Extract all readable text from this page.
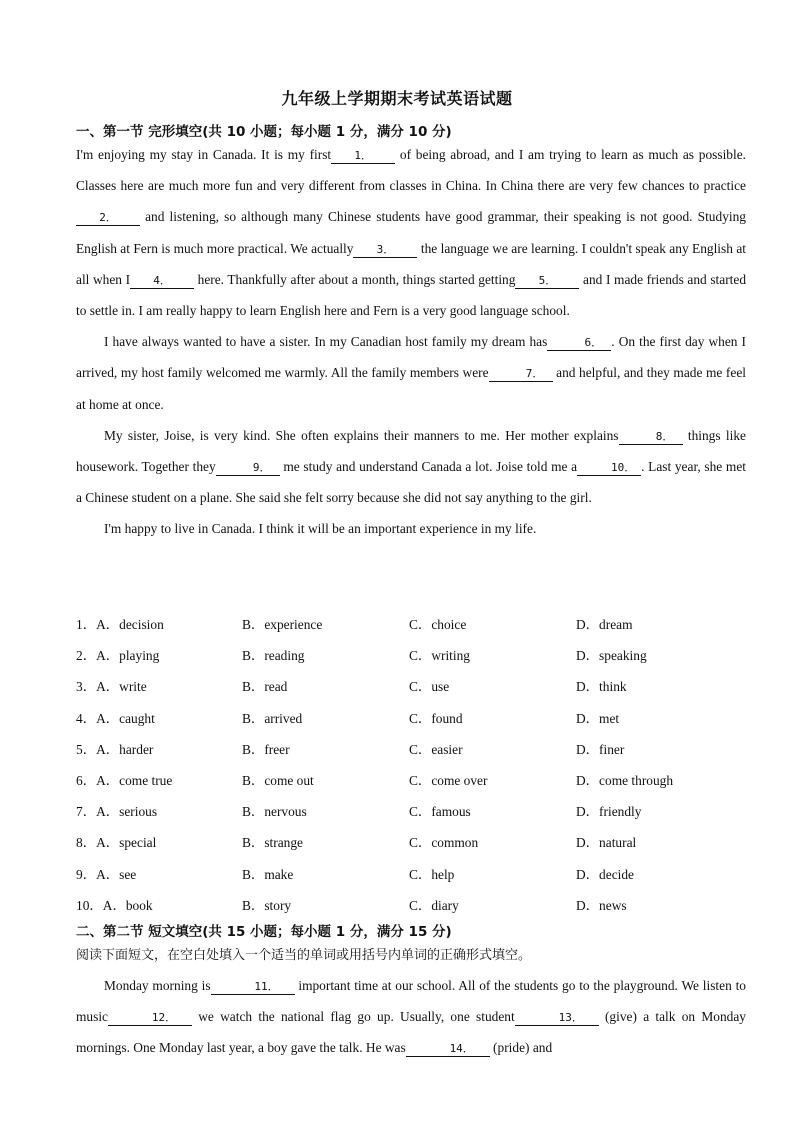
九年级上学期期末考试英语试题
一、第一节 完形填空(共 10 小题；每小题 1 分，满分 10 分)

I'm enjoying my stay in Canada. It is my first 1． of being abroad, and I am trying to learn as much as possible. Classes here are much more fun and very different from classes in China. In China there are very few chances to practice2． and listening, so although many Chinese students have good grammar, their speaking is not good. Studying English at Fern is much more practical. We actually 3． the language we are learning. I couldn't speak any English at all when I 4． here. Thankfully after about a month, things started getting 5． and I made friends and started to settle in. I am really happy to learn English here and Fern is a very good language school.

I have always wanted to have a sister. In my Canadian host family my dream has	6． . On the first day when I arrived, my host family welcomed me warmly. All the family members were	7． and helpful, and they made me feel at home at once.

My sister, Joise, is very kind. She often explains their manners to me. Her mother explains	8． things like housework. Together they	9． me study and understand Canada a lot. Joise told me a	10． . Last year, she met a Chinese student on a plane. She said she felt sorry because she did not say anything to the girl.

I'm happy to live in Canada. I think it will be an important experience in my life.

1．A．decision	B．experience	C．choice	D．dream
2．A．playing	B．reading	C．writing	D．speaking
3．A．write	B．read	C．use	D．think
4．A．caught	B．arrived	C．found	D．met
5．A．harder	B．freer	C．easier	D．finer
6．A．come true	B．come out	C．come over	D．come through
7．A．serious	B．nervous	C．famous	D．friendly
8．A．special	B．strange	C．common	D．natural
9．A．see	B．make	C．help	D．decide
10．A．book	B．story	C．diary	D．news
二、第二节 短文填空(共 15 小题；每小题 1 分，满分 15 分)
阅读下面短文，在空白处填入一个适当的单词或用括号内单词的正确形式填空。

Monday morning is	11． important time at our school. All of the students go to the playground. We listen to music	12． we watch the national flag go up. Usually, one student	13． (give) a talk on Monday mornings. One Monday last year, a boy gave the talk. He was	14． (pride) and
